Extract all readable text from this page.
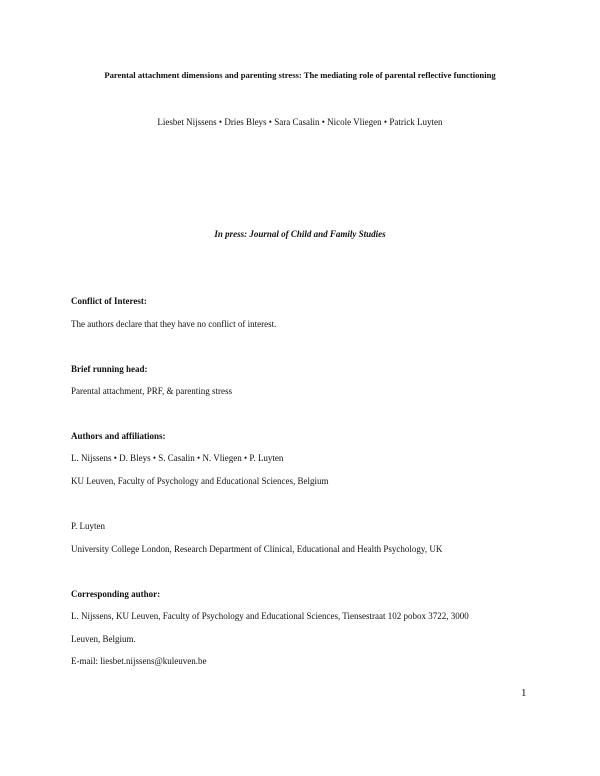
Parental attachment dimensions and parenting stress: The mediating role of parental reflective functioning
Liesbet Nijssens • Dries Bleys • Sara Casalin • Nicole Vliegen • Patrick Luyten
In press: Journal of Child and Family Studies
Conflict of Interest:
The authors declare that they have no conflict of interest.
Brief running head:
Parental attachment, PRF, & parenting stress
Authors and affiliations:
L. Nijssens • D. Bleys • S. Casalin • N. Vliegen • P. Luyten
KU Leuven, Faculty of Psychology and Educational Sciences, Belgium
P. Luyten
University College London, Research Department of Clinical, Educational and Health Psychology, UK
Corresponding author:
L. Nijssens, KU Leuven, Faculty of Psychology and Educational Sciences, Tiensestraat 102 pobox 3722, 3000
Leuven, Belgium.
E-mail: liesbet.nijssens@kuleuven.be
1
